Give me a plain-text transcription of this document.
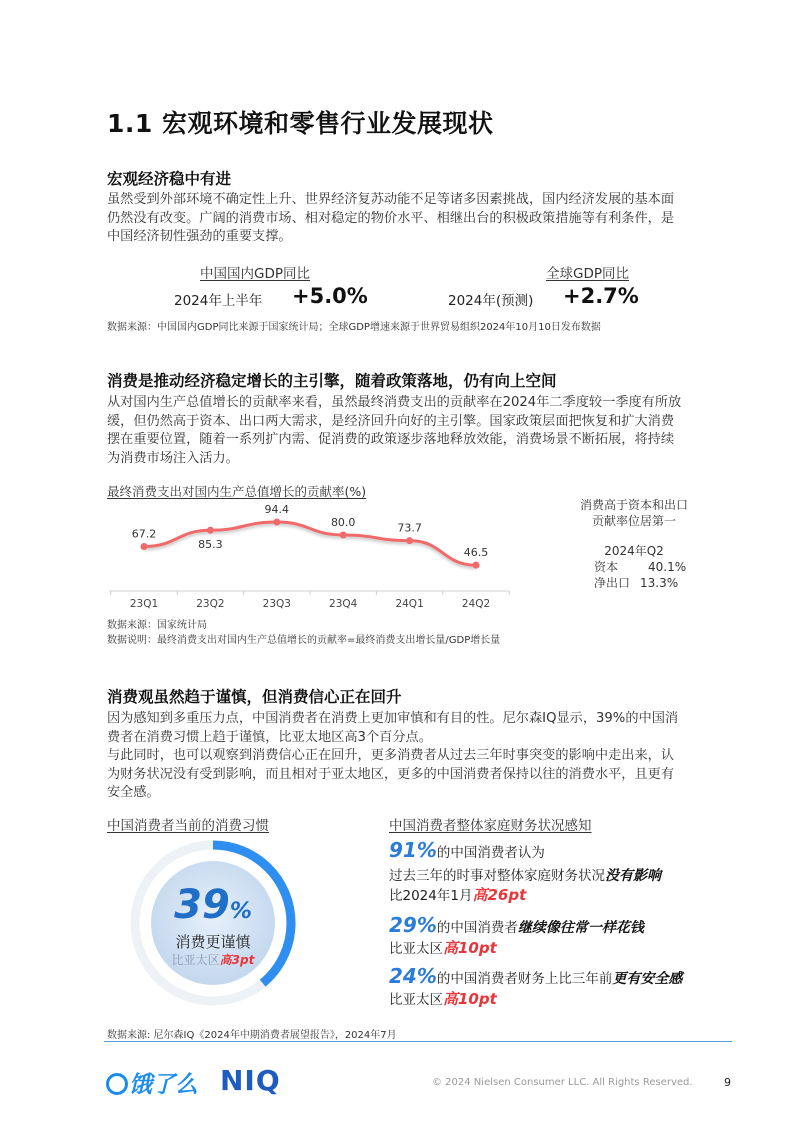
1.1 宏观环境和零售行业发展现状
宏观经济稳中有进
虽然受到外部环境不确定性上升、世界经济复苏动能不足等诸多因素挑战，国内经济发展的基本面
仍然没有改变。广阔的消费市场、相对稳定的物价水平、相继出台的积极政策措施等有利条件，是
中国经济韧性强劲的重要支撑。
中国国内GDP同比
2024年上半年 +5.0%
全球GDP同比
2024年(预测) +2.7%
数据来源：中国国内GDP同比来源于国家统计局；全球GDP增速来源于世界贸易组织2024年10月10日发布数据
消费是推动经济稳定增长的主引擎，随着政策落地，仍有向上空间
从对国内生产总值增长的贡献率来看，虽然最终消费支出的贡献率在2024年二季度较一季度有所放
缓，但仍然高于资本、出口两大需求，是经济回升向好的主引擎。国家政策层面把恢复和扩大消费
摆在重要位置，随着一系列扩内需、促消费的政策逐步落地释放效能，消费场景不断拓展，将持续
为消费市场注入活力。
最终消费支出对国内生产总值增长的贡献率(%)
67.2
85.3
94.4
80.0	73.7
46.5
23Q1	23Q2	23Q3	23Q4	24Q1	24Q2
消费高于资本和出口
贡献率位居第一
2024年Q2
资本 40.1%
净出口 13.3%
数据来源：国家统计局
数据说明：最终消费支出对国内生产总值增长的贡献率=最终消费支出增长量/GDP增长量
消费观虽然趋于谨慎，但消费信心正在回升
因为感知到多重压力点，中国消费者在消费上更加审慎和有目的性。尼尔森IQ显示，39%的中国消
费者在消费习惯上趋于谨慎，比亚太地区高3个百分点。
与此同时，也可以观察到消费信心正在回升，更多消费者从过去三年时事突变的影响中走出来，认
为财务状况没有受到影响，而且相对于亚太地区，更多的中国消费者保持以往的消费水平，且更有
安全感。
中国消费者当前的消费习惯	中国消费者整体家庭财务状况感知
39%
消费更谨慎
比亚太区高3pt
91%的中国消费者认为
过去三年的时事对整体家庭财务状况没有影响
比2024年1月高26pt
29%的中国消费者继续像往常一样花钱
比亚太区高10pt
24%的中国消费者财务上比三年前更有安全感
比亚太区高10pt
数据来源: 尼尔森IQ《2024年中期消费者展望报告》，2024年7月
饿了么 NIQ	© 2024 Nielsen Consumer LLC. All Rights Reserved.	9
